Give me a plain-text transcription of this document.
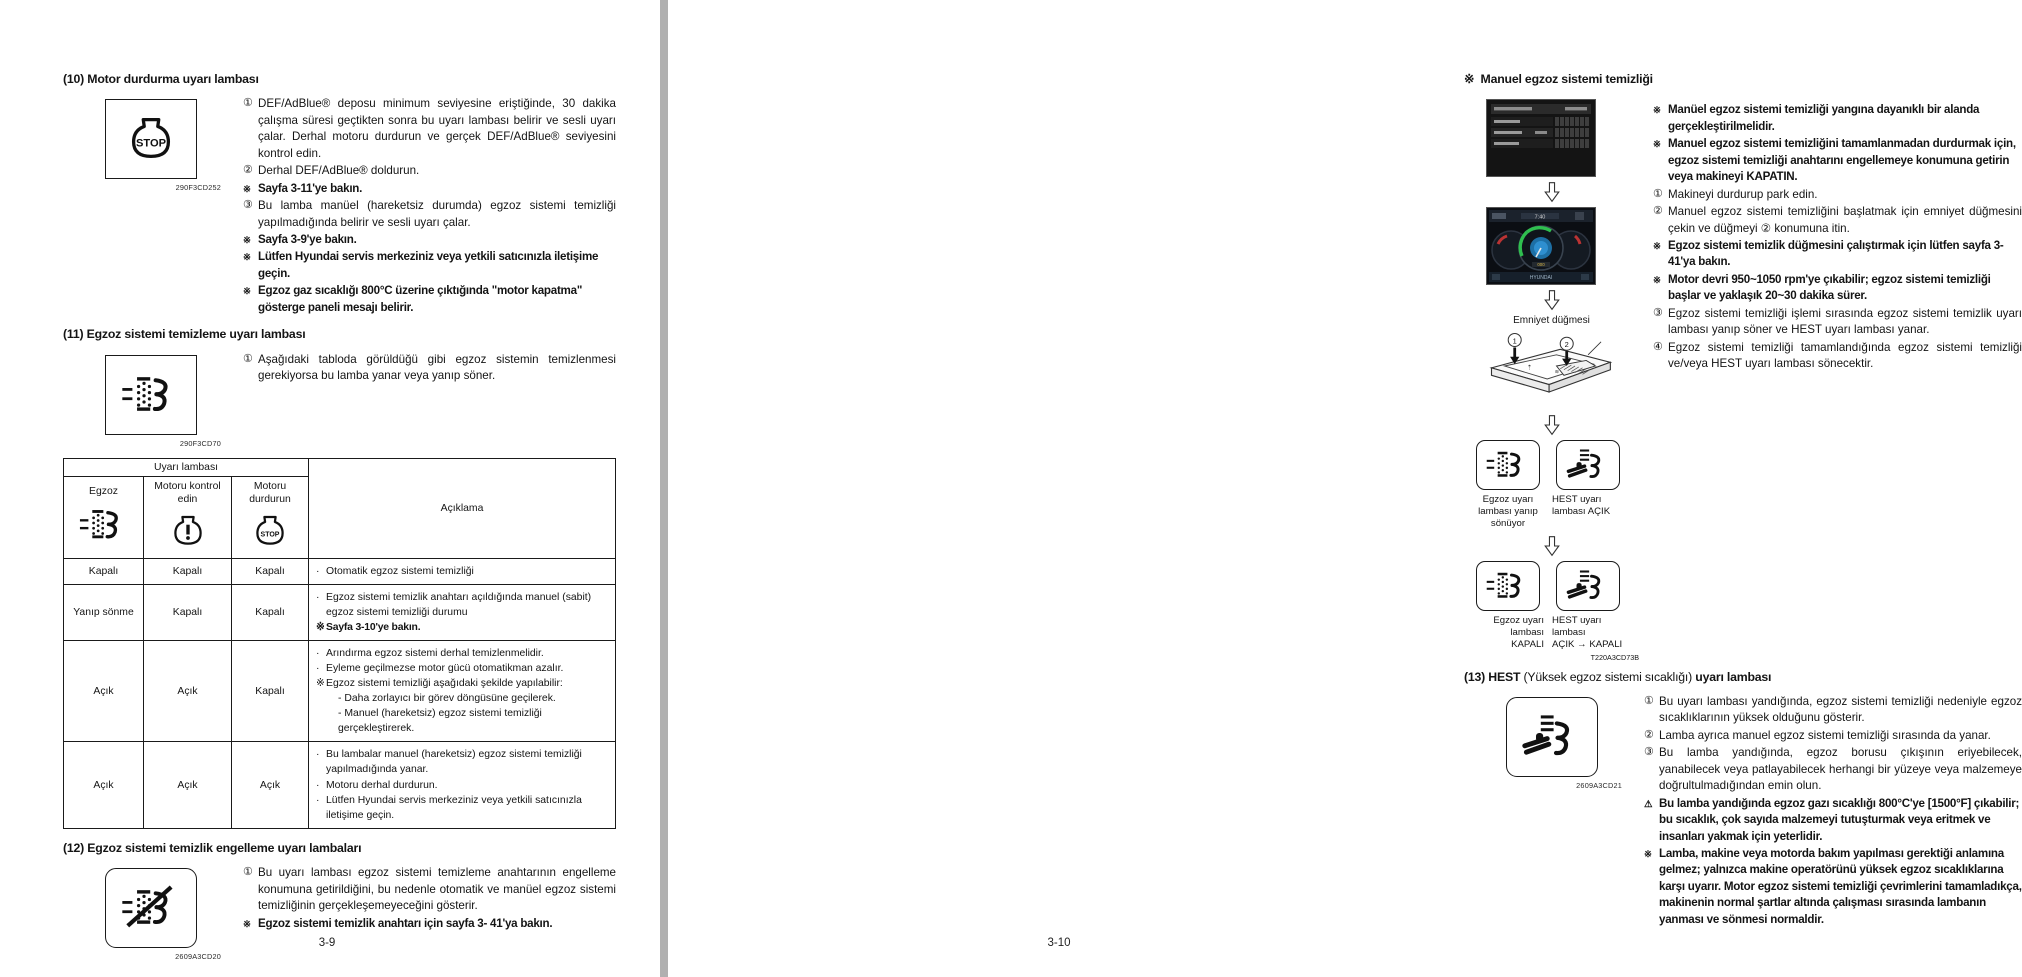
(10) Motor durdurma uyarı lambası
STOP
290F3CD252
① DEF/AdBlue® deposu minimum seviyesine eriştiğinde, 30 dakika çalışma süresi geçtikten sonra bu uyarı lambası belirir ve sesli uyarı çalar. Derhal motoru durdurun ve gerçek DEF/AdBlue® seviyesini kontrol edin.
② Derhal DEF/AdBlue® doldurun.
※ Sayfa 3-11'ye bakın.
③ Bu lamba manüel (hareketsiz durumda) egzoz sistemi temizliği yapılmadığında belirir ve sesli uyarı çalar.
※ Sayfa 3-9'ye bakın.
※ Lütfen Hyundai servis merkeziniz veya yetkili satıcınızla iletişime geçin.
※ Egzoz gaz sıcaklığı 800°C üzerine çıktığında "motor kapatma" gösterge paneli mesajı belirir.
(11) Egzoz sistemi temizleme uyarı lambası
290F3CD70
① Aşağıdaki tabloda görüldüğü gibi egzoz sistemin temizlenmesi gerekiyorsa bu lamba yanar veya yanıp söner.
Uyarı lambası			Açıklama

Egzoz	Motoru kontrol edin	Motoru durdurun
STOP	

Kapalı	Kapalı	Kapalı	· Otomatik egzoz sistemi temizliği

Yanıp sönme	Kapalı	Kapalı	· Egzoz sistemi temizlik anahtarı açıldığında manuel (sabit) egzoz sistemi temizliği durumu
※ Sayfa 3-10'ye bakın.

Açık	Açık	Kapalı	
· Arındırma egzoz sistemi derhal temizlenmelidir.
· Eyleme geçilmezse motor gücü otomatikman azalır.
※ Egzoz sistemi temizliği aşağıdaki şekilde yapılabilir:
- Daha zorlayıcı bir görev döngüsüne geçilerek.
- Manuel (hareketsiz) egzoz sistemi temizliği gerçekleştirerek.

Açık	Açık	Açık	
· Bu lambalar manuel (hareketsiz) egzoz sistemi temizliği yapılmadığında yanar.
· Motoru derhal durdurun.
· Lütfen Hyundai servis merkeziniz veya yetkili satıcınızla iletişime geçin.
(12) Egzoz sistemi temizlik engelleme uyarı lambaları
2609A3CD20
① Bu uyarı lambası egzoz sistemi temizleme anahtarının engelleme konumuna getirildiğini, bu nedenle otomatik ve manüel egzoz sistemi temizliğinin gerçekleşemeyeceğini gösterir.
※ Egzoz sistemi temizlik anahtarı için sayfa 3- 41'ya bakın.
3-9
※ Manuel egzoz sistemi temizliği
7:40
000
HYUNDAI
Emniyet düğmesi
1	2
⇡
≋
Egzoz uyarı
lambası yanıp
sönüyor
HEST uyarı
lambası AÇIK
Egzoz uyarı
lambası
KAPALI
HEST uyarı
lambası
AÇIK → KAPALI
T220A3CD73B
※ Manüel egzoz sistemi temizliği yangına dayanıklı bir alanda gerçekleştirilmelidir.
※ Manuel egzoz sistemi temizliğini tamamlanmadan durdurmak için, egzoz sistemi temizliği anahtarını engellemeye konumuna getirin veya makineyi KAPATIN.
① Makineyi durdurup park edin.
② Manuel egzoz sistemi temizliğini başlatmak için emniyet düğmesini çekin ve düğmeyi ② konumuna itin.
※ Egzoz sistemi temizlik düğmesini çalıştırmak için lütfen sayfa 3-41'ya bakın.
※ Motor devri 950~1050 rpm'ye çıkabilir; egzoz sistemi temizliği başlar ve yaklaşık 20~30 dakika sürer.
③ Egzoz sistemi temizliği işlemi sırasında egzoz sistemi temizlik uyarı lambası yanıp söner ve HEST uyarı lambası yanar.
④ Egzoz sistemi temizliği tamamlandığında egzoz sistemi temizliği ve/veya HEST uyarı lambası sönecektir.
(13) HEST (Yüksek egzoz sistemi sıcaklığı) uyarı lambası
2609A3CD21
① Bu uyarı lambası yandığında, egzoz sistemi temizliği nedeniyle egzoz sıcaklıklarının yüksek olduğunu gösterir.
② Lamba ayrıca manuel egzoz sistemi temizliği sırasında da yanar.
③ Bu lamba yandığında, egzoz borusu çıkışının eriyebilecek, yanabilecek veya patlayabilecek herhangi bir yüzeye veya malzemeye doğrultulmadığından emin olun.
⚠ Bu lamba yandığında egzoz gazı sıcaklığı 800°C'ye [1500°F] çıkabilir; bu sıcaklık, çok sayıda malzemeyi tutuşturmak veya eritmek ve insanları yakmak için yeterlidir.
※ Lamba, makine veya motorda bakım yapılması gerektiği anlamına gelmez; yalnızca makine operatörünü yüksek egzoz sıcaklıklarına karşı uyarır. Motor egzoz sistemi temizliği çevrimlerini tamamladıkça, makinenin normal şartlar altında çalışması sırasında lambanın yanması ve sönmesi normaldir.
3-10
